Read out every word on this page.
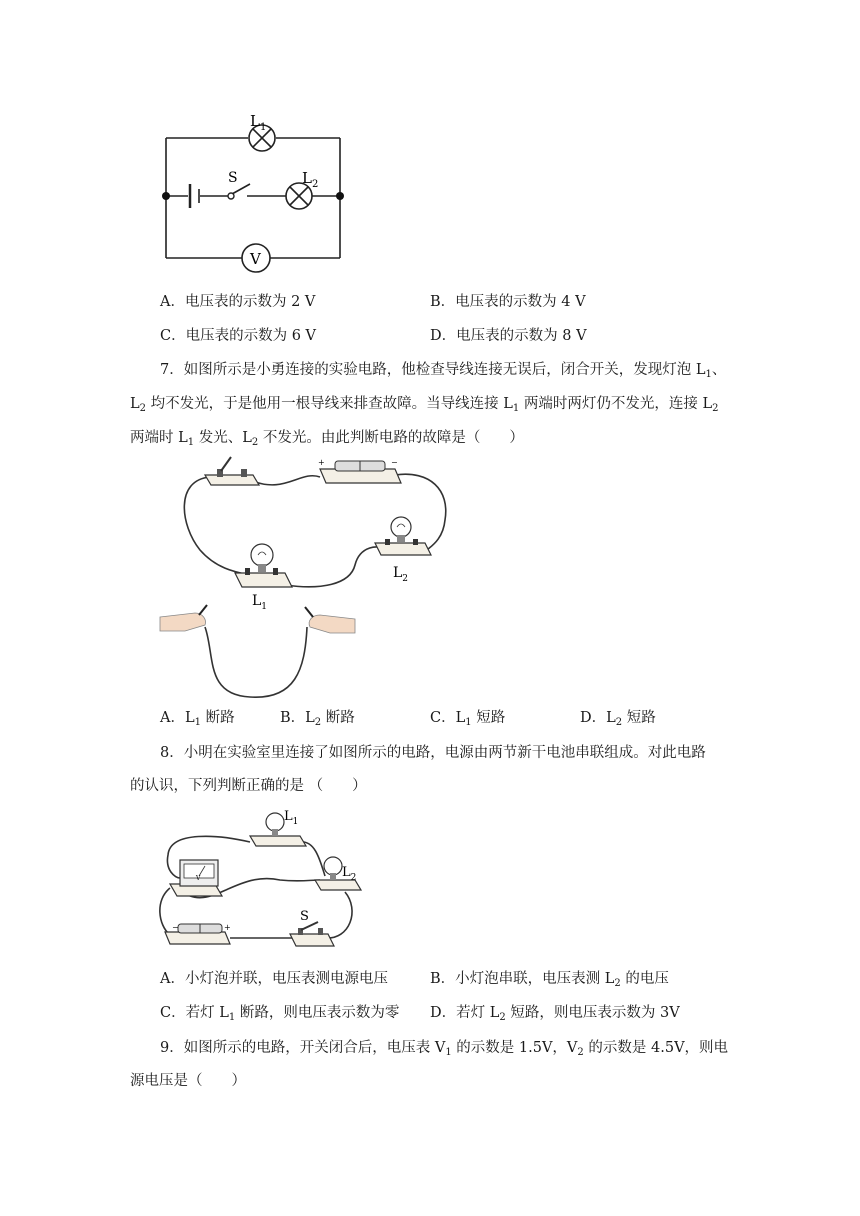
$L_1$
$L_2$
S
V
A．电压表的示数为 2 V	B．电压表的示数为 4 V
C．电压表的示数为 6 V	D．电压表的示数为 8 V
7．如图所示是小勇连接的实验电路，他检查导线连接无误后，闭合开关，发现灯泡 $L_1$、
$L_2$ 均不发光，于是他用一根导线来排查故障。当导线连接 $L_1$ 两端时两灯仍不发光，连接 $L_2$
两端时 $L_1$ 发光、$L_2$ 不发光。由此判断电路的故障是（　　）
+	−
$L_2$
$L_1$
A．$L_1$ 断路	B．$L_2$ 断路	C．$L_1$ 短路	D．$L_2$ 短路
8．小明在实验室里连接了如图所示的电路，电源由两节新干电池串联组成。对此电路
的认识，下列判断正确的是 （　　）
$L_1$
$L_2$
V
−	+
S
A．小灯泡并联，电压表测电源电压	B．小灯泡串联，电压表测 $L_2$ 的电压
C．若灯 $L_1$ 断路，则电压表示数为零 D．若灯 $L_2$ 短路，则电压表示数为 3V
9．如图所示的电路，开关闭合后，电压表 $V_1$ 的示数是 1.5V，$V_2$ 的示数是 4.5V，则电
源电压是（　　）
